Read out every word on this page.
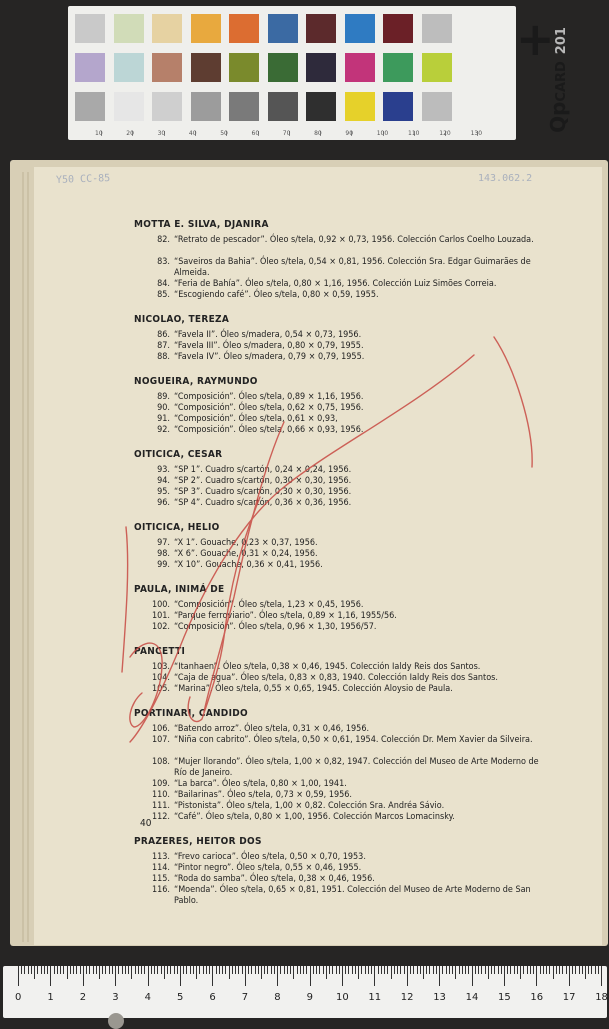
10	20	30	40	50	60	70	80	90	100	110	120	130
+
QpCARD 201
Y50 CC-85	143.062.2
MOTTA E. SILVA, DJANIRA
82. “Retrato de pescador”. Óleo s/tela, 0,92 × 0,73, 1956. Colección Carlos Coelho Louzada.
83. “Saveiros da Bahia”. Óleo s/tela, 0,54 × 0,81, 1956. Colección Sra. Edgar Guimarães de Almeida.
84. “Feria de Bahía”. Óleo s/tela, 0,80 × 1,16, 1956. Colección Luiz Simões Correia.
85. “Escogiendo café”. Óleo s/tela, 0,80 × 0,59, 1955.
NICOLAO, TEREZA
86. “Favela II”. Óleo s/madera, 0,54 × 0,73, 1956.
87. “Favela III”. Óleo s/madera, 0,80 × 0,79, 1955.
88. “Favela IV”. Óleo s/madera, 0,79 × 0,79, 1955.
NOGUEIRA, RAYMUNDO
89. “Composición”. Óleo s/tela, 0,89 × 1,16, 1956.
90. “Composición”. Óleo s/tela, 0,62 × 0,75, 1956.
91. “Composición”. Óleo s/tela, 0,61 × 0,93,
92. “Composición”. Óleo s/tela, 0,66 × 0,93, 1956.
OITICICA, CESAR
93. “SP 1”. Cuadro s/cartón, 0,24 × 0,24, 1956.
94. “SP 2”. Cuadro s/cartón, 0,30 × 0,30, 1956.
95. “SP 3”. Cuadro s/cartón, 0,30 × 0,30, 1956.
96. “SP 4”. Cuadro s/cartón, 0,36 × 0,36, 1956.
OITICICA, HELIO
97. “X 1”. Gouache, 0,23 × 0,37, 1956.
98. “X 6”. Gouache, 0,31 × 0,24, 1956.
99. “X 10”. Gouache, 0,36 × 0,41, 1956.
PAULA, INIMÁ DE
100. “Composición”. Óleo s/tela, 1,23 × 0,45, 1956.
101. “Parque ferroviario”. Óleo s/tela, 0,89 × 1,16, 1955/56.
102. “Composición”. Óleo s/tela, 0,96 × 1,30, 1956/57.
PANCETTI
103. “Itanhaen”. Óleo s/tela, 0,38 × 0,46, 1945. Colección Ialdy Reis dos Santos.
104. “Caja de agua”. Óleo s/tela, 0,83 × 0,83, 1940. Colección Ialdy Reis dos Santos.
105. “Marina”. Óleo s/tela, 0,55 × 0,65, 1945. Colección Aloysio de Paula.
PORTINARI, CANDIDO
106. “Batendo arroz”. Óleo s/tela, 0,31 × 0,46, 1956.
107. “Niña con cabrito”. Óleo s/tela, 0,50 × 0,61, 1954. Colección Dr. Mem Xavier da Silveira.
108. “Mujer llorando”. Óleo s/tela, 1,00 × 0,82, 1947. Colección del Museo de Arte Moderno de Río de Janeiro.
109. “La barca”. Óleo s/tela, 0,80 × 1,00, 1941.
110. “Bailarinas”. Óleo s/tela, 0,73 × 0,59, 1956.
111. “Pistonista”. Óleo s/tela, 1,00 × 0,82. Colección Sra. Andréa Sávio.
112. “Café”. Óleo s/tela, 0,80 × 1,00, 1956. Colección Marcos Lomacinsky.
PRAZERES, HEITOR DOS
113. “Frevo carioca”. Óleo s/tela, 0,50 × 0,70, 1953.
114. “Pintor negro”. Óleo s/tela, 0,55 × 0,46, 1955.
115. “Roda do samba”. Óleo s/tela, 0,38 × 0,46, 1956.
116. “Moenda”. Óleo s/tela, 0,65 × 0,81, 1951. Colección del Museo de Arte Moderno de San Pablo.
40
0	1	2	3	4	5	6	7	8	9 10 11 12 13 14 15 16 17 18
